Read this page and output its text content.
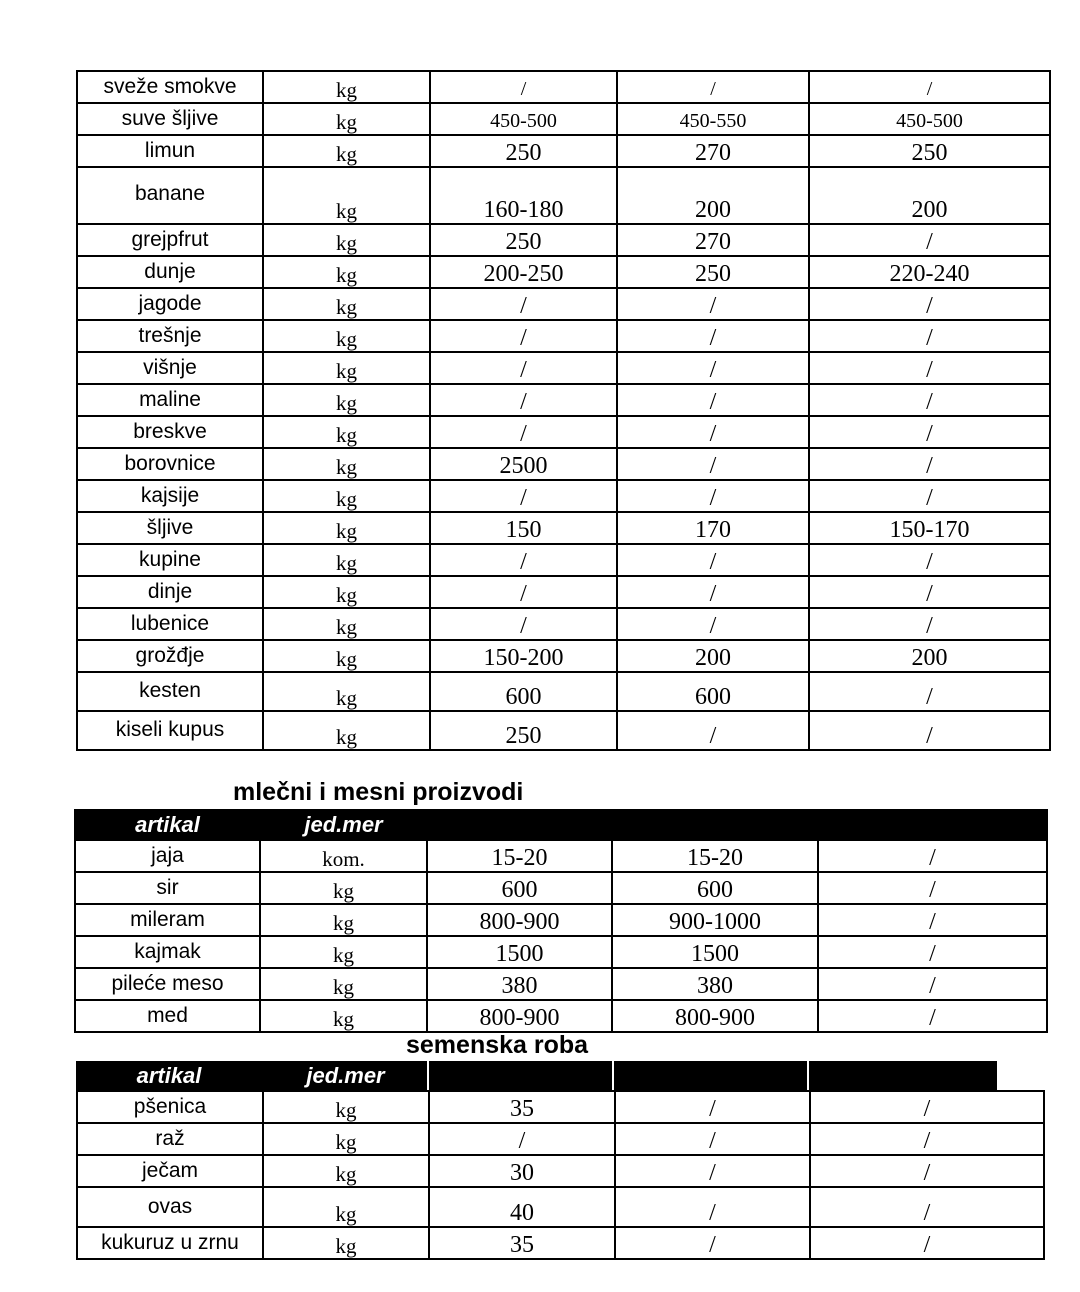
sveže smokve	kg	/	/	/
suve šljive	kg	450-500	450-550	450-500
limun	kg	250	270	250
banane	kg	160-180	200	200
grejpfrut	kg	250	270	/
dunje	kg	200-250	250	220-240
jagode	kg	/	/	/
trešnje	kg	/	/	/
višnje	kg	/	/	/
maline	kg	/	/	/
breskve	kg	/	/	/
borovnice	kg	2500	/	/
kajsije	kg	/	/	/
šljive	kg	150	170	150-170
kupine	kg	/	/	/
dinje	kg	/	/	/
lubenice	kg	/	/	/
grožđje	kg	150-200	200	200
kesten	kg	600	600	/
kiseli kupus	kg	250	/	/
mlečni i mesni proizvodi
artikal	jed.mer			
jaja	kom.	15-20	15-20	/
sir	kg	600	600	/
mileram	kg	800-900	900-1000	/
kajmak	kg	1500	1500	/
pileće meso	kg	380	380	/
med	kg	800-900	800-900	/
semenska roba
artikal	jed.mer
pšenica	kg	35	/	/
raž	kg	/	/	/
ječam	kg	30	/	/
ovas	kg	40	/	/
kukuruz u zrnu	kg	35	/	/
